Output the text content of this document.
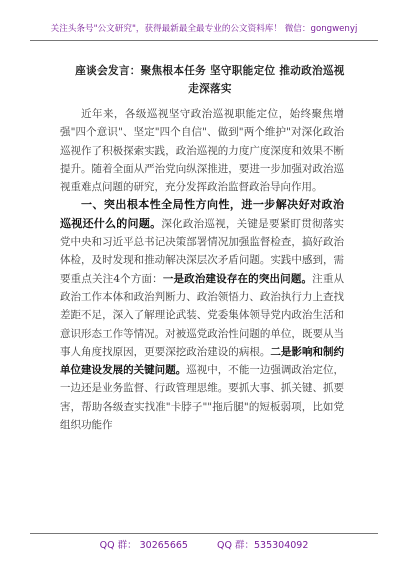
关注头条号"公文研究"，获得最新最全最专业的公文资料库！ 微信：gongwenyj
座谈会发言：聚焦根本任务 坚守职能定位 推动政治巡视
走深落实

近年来，各级巡视坚守政治巡视职能定位，始终聚焦增强"四个意识"、坚定"四个自信"、做到"两个维护"对深化政治巡视作了积极探索实践，政治巡视的力度广度深度和效果不断提升。随着全面从严治党向纵深推进，要进一步加强对政治巡视重难点问题的研究，充分发挥政治监督政治导向作用。

一、突出根本性全局性方向性，进一步解决好对政治巡视还什么的问题。深化政治巡视，关键是要紧盯贯彻落实党中央和习近平总书记决策部署情况加强监督检查，搞好政治体检，及时发现和推动解决深层次矛盾问题。实践中感到，需要重点关注4个方面：一是政治建设存在的突出问题。注重从政治工作本体和政治判断力、政治领悟力、政治执行力上查找差距不足，深入了解理论武装、党委集体领导党内政治生活和意识形态工作等情况。对被巡党政治性问题的单位，既要从当事人角度找原因，更要深挖政治建设的病根。二是影响和制约单位建设发展的关键问题。巡视中，不能一边强调政治定位，一边还是业务监督、行政管理思维。要抓大事、抓关键、抓要害，帮助各级查实找准"卡脖子""拖后腿"的短板弱项，比如党组织功能作

QQ 群： 30265665	QQ 群：535304092
